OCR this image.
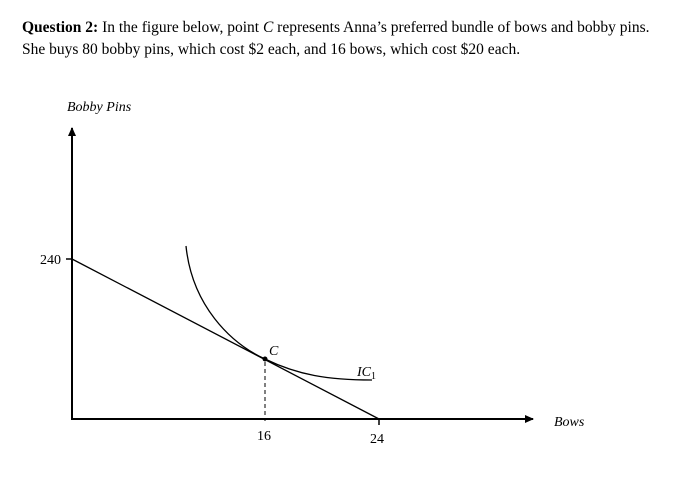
Question 2: In the figure below, point C represents Anna’s preferred bundle of bows and bobby pins. She buys 80 bobby pins, which cost $2 each, and 16 bows, which cost $20 each.
Bobby Pins
Bows
240
24
16
C
$IC_1$
